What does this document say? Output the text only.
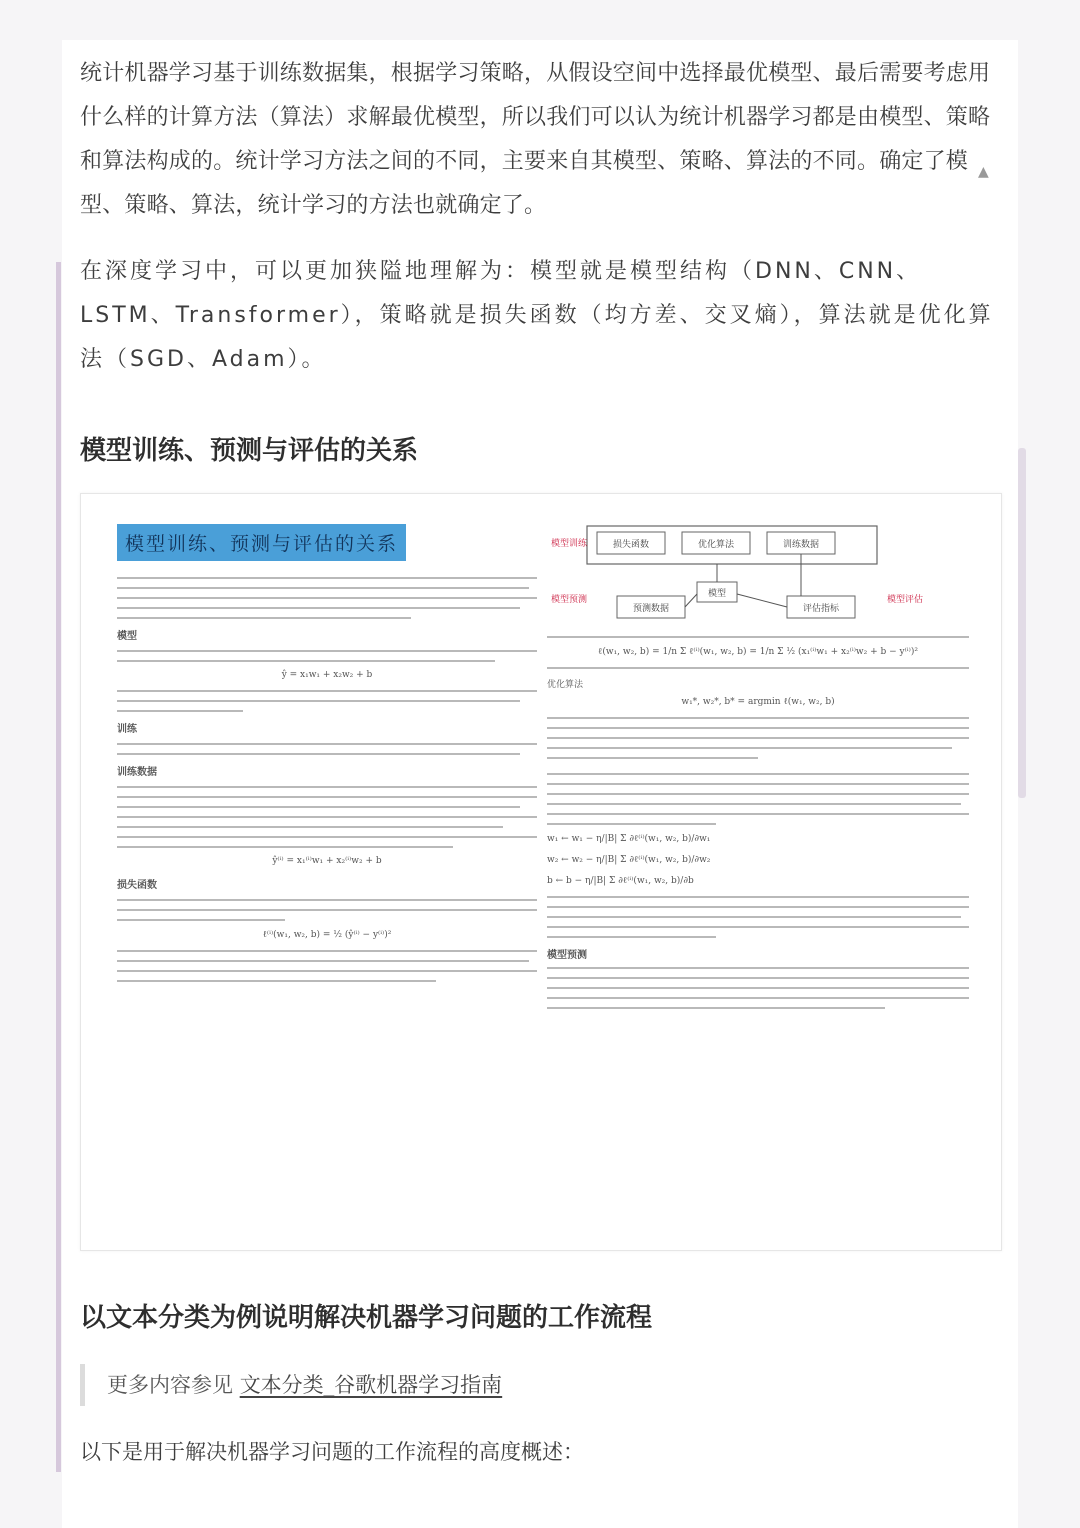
▲

统计机器学习基于训练数据集，根据学习策略，从假设空间中选择最优模型、最后需要考虑用什么样的计算方法（算法）求解最优模型，所以我们可以认为统计机器学习都是由模型、策略和算法构成的。统计学习方法之间的不同，主要来自其模型、策略、算法的不同。确定了模型、策略、算法，统计学习的方法也就确定了。

在深度学习中，可以更加狭隘地理解为：模型就是模型结构（DNN、CNN、LSTM、Transformer），策略就是损失函数（均方差、交叉熵），算法就是优化算法（SGD、Adam）。

模型训练、预测与评估的关系
模型训练、预测与评估的关系
模型
ŷ = x₁w₁ + x₂w₂ + b
训练
训练数据
ŷ⁽ⁱ⁾ = x₁⁽ⁱ⁾w₁ + x₂⁽ⁱ⁾w₂ + b
损失函数
ℓ⁽ⁱ⁾(w₁, w₂, b) = ½ (ŷ⁽ⁱ⁾ − y⁽ⁱ⁾)²
损失函数	优化算法	训练数据
模型
预测数据	评估指标
模型训练
模型预测	模型评估
ℓ(w₁, w₂, b) = 1/n Σ ℓ⁽ⁱ⁾(w₁, w₂, b) = 1/n Σ ½ (x₁⁽ⁱ⁾w₁ + x₂⁽ⁱ⁾w₂ + b − y⁽ⁱ⁾)²
优化算法
w₁*, w₂*, b* = argmin ℓ(w₁, w₂, b)
w₁ ← w₁ − η/|B| Σ ∂ℓ⁽ⁱ⁾(w₁, w₂, b)/∂w₁
w₂ ← w₂ − η/|B| Σ ∂ℓ⁽ⁱ⁾(w₁, w₂, b)/∂w₂
b ← b − η/|B| Σ ∂ℓ⁽ⁱ⁾(w₁, w₂, b)/∂b
模型预测
以文本分类为例说明解决机器学习问题的工作流程
更多内容参见 文本分类_谷歌机器学习指南

以下是用于解决机器学习问题的工作流程的高度概述：
